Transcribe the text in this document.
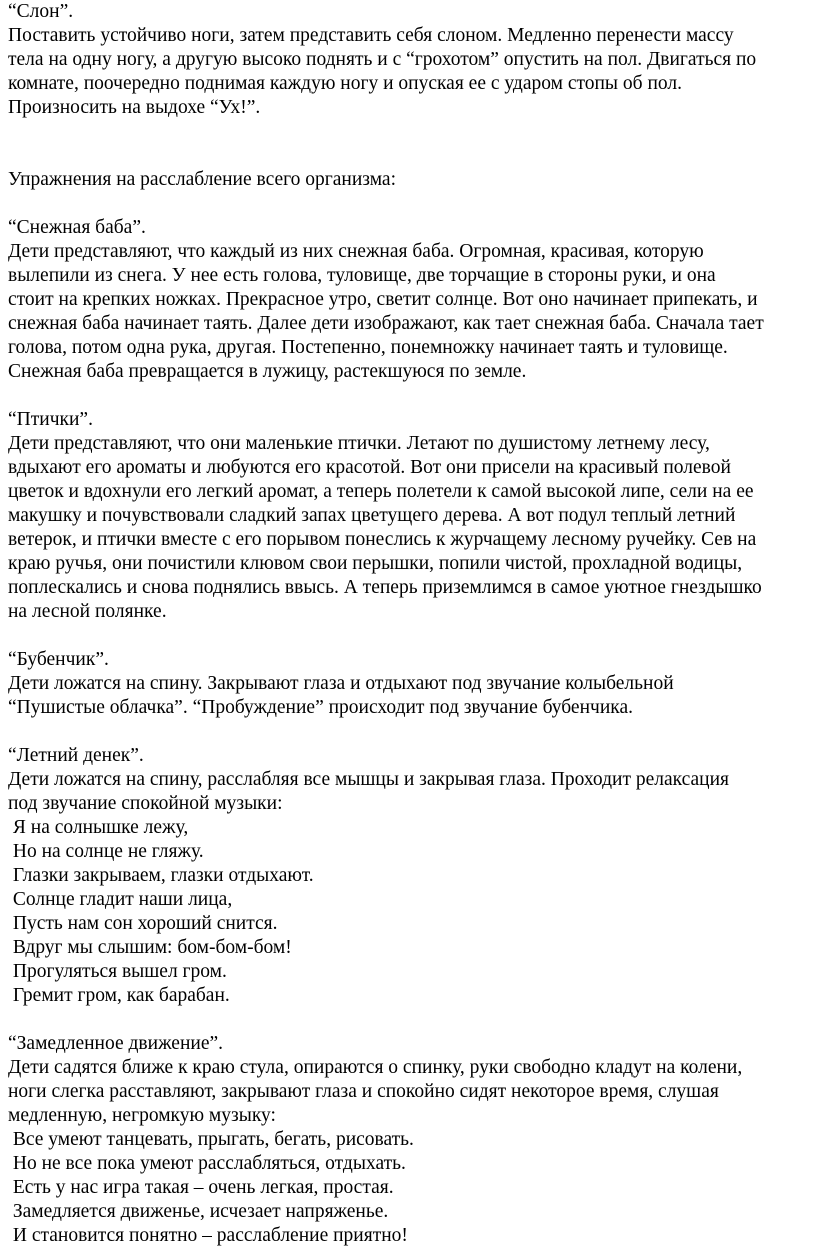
“Слон”.
Поставить устойчиво ноги, затем представить себя слоном. Медленно перенести массу
тела на одну ногу, а другую высоко поднять и с “грохотом” опустить на пол. Двигаться по
комнате, поочередно поднимая каждую ногу и опуская ее с ударом стопы об пол.
Произносить на выдохе “Ух!”.
Упражнения на расслабление всего организма:
“Снежная баба”.
Дети представляют, что каждый из них снежная баба. Огромная, красивая, которую
вылепили из снега. У нее есть голова, туловище, две торчащие в стороны руки, и она
стоит на крепких ножках. Прекрасное утро, светит солнце. Вот оно начинает припекать, и
снежная баба начинает таять. Далее дети изображают, как тает снежная баба. Сначала тает
голова, потом одна рука, другая. Постепенно, понемножку начинает таять и туловище.
Снежная баба превращается в лужицу, растекшуюся по земле.
“Птички”.
Дети представляют, что они маленькие птички. Летают по душистому летнему лесу,
вдыхают его ароматы и любуются его красотой. Вот они присели на красивый полевой
цветок и вдохнули его легкий аромат, а теперь полетели к самой высокой липе, сели на ее
макушку и почувствовали сладкий запах цветущего дерева. А вот подул теплый летний
ветерок, и птички вместе с его порывом понеслись к журчащему лесному ручейку. Сев на
краю ручья, они почистили клювом свои перышки, попили чистой, прохладной водицы,
поплескались и снова поднялись ввысь. А теперь приземлимся в самое уютное гнездышко
на лесной полянке.
“Бубенчик”.
Дети ложатся на спину. Закрывают глаза и отдыхают под звучание колыбельной
“Пушистые облачка”. “Пробуждение” происходит под звучание бубенчика.
“Летний денек”.
Дети ложатся на спину, расслабляя все мышцы и закрывая глаза. Проходит релаксация
под звучание спокойной музыки:
Я на солнышке лежу,
Но на солнце не гляжу.
Глазки закрываем, глазки отдыхают.
Солнце гладит наши лица,
Пусть нам сон хороший снится.
Вдруг мы слышим: бом-бом-бом!
Прогуляться вышел гром.
Гремит гром, как барабан.
“Замедленное движение”.
Дети садятся ближе к краю стула, опираются о спинку, руки свободно кладут на колени,
ноги слегка расставляют, закрывают глаза и спокойно сидят некоторое время, слушая
медленную, негромкую музыку:
Все умеют танцевать, прыгать, бегать, рисовать.
Но не все пока умеют расслабляться, отдыхать.
Есть у нас игра такая – очень легкая, простая.
Замедляется движенье, исчезает напряженье.
И становится понятно – расслабление приятно!
